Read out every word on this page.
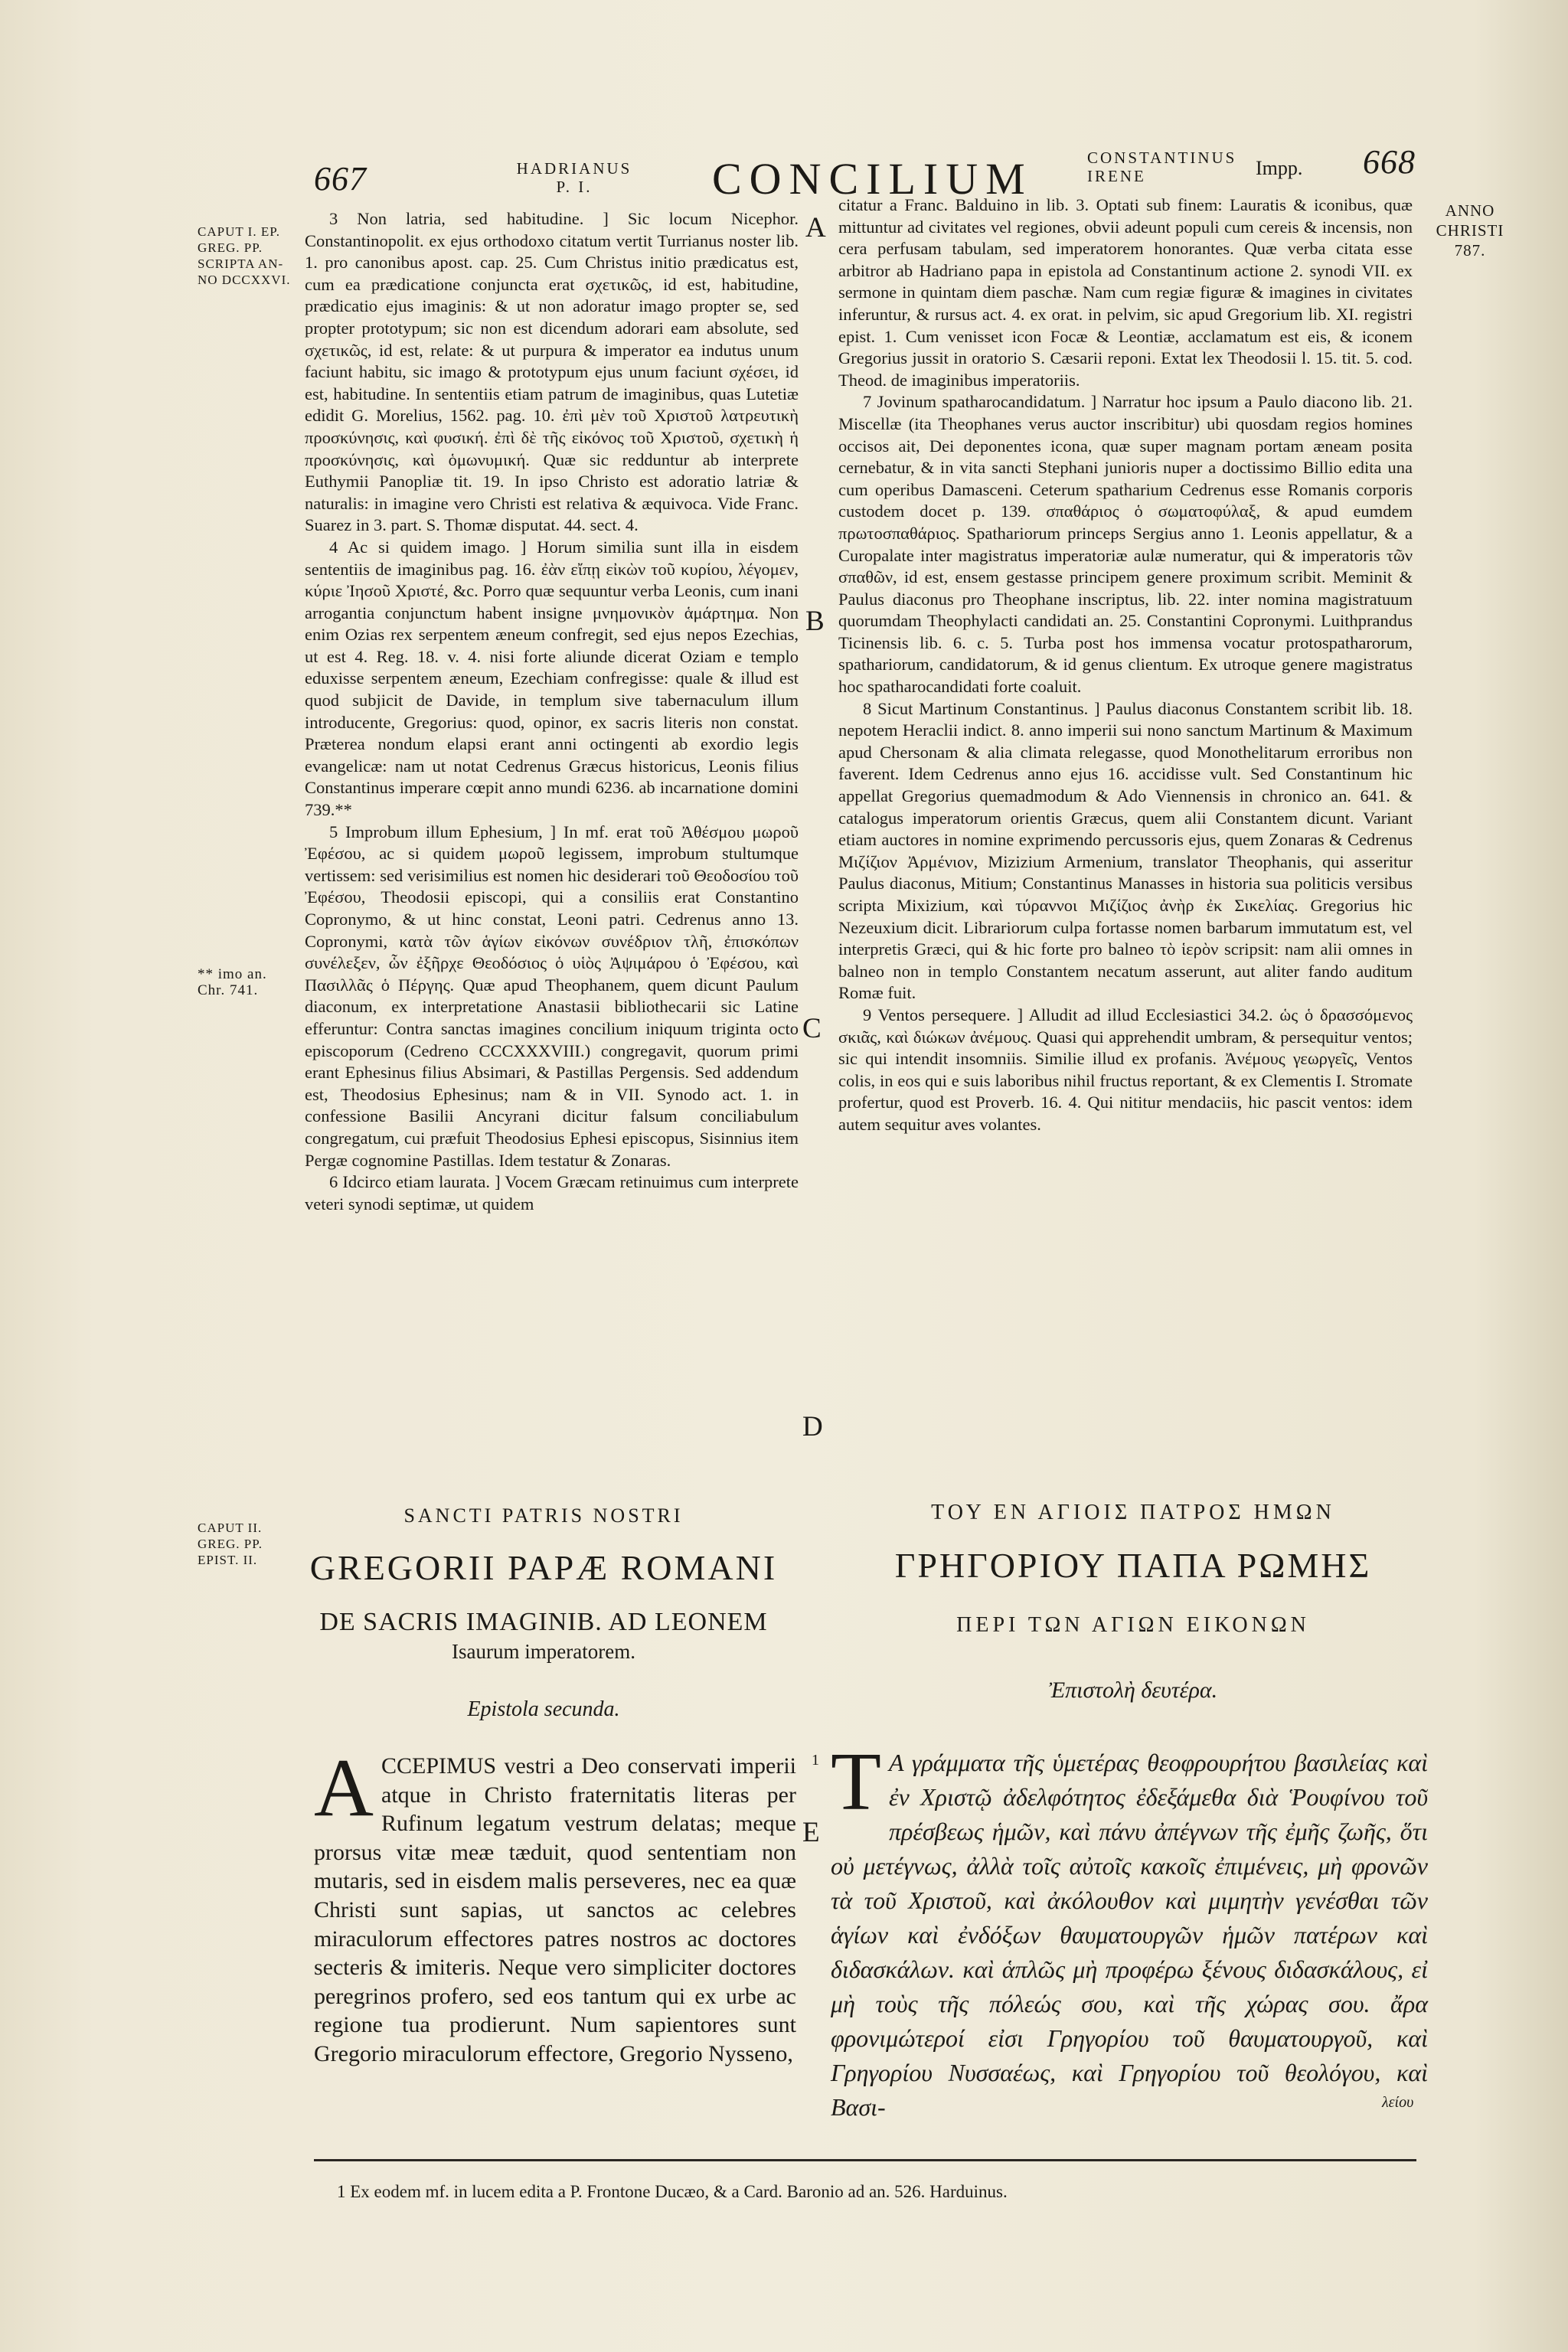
667	HADRIANUS
P. I.	CONCILIUM	CONSTANTINUS
IRENE	Impp. 668
CAPUT I. EP.
GREG. PP.
SCRIPTA AN-
NO DCCXXVI.
** imo an.
Chr. 741.
ANNO
CHRISTI
787.
CAPUT II.
GREG. PP.
EPIST. II.
A
B
C
D
E

3 Non latria, sed habitudine. ] Sic locum Nicephor. Constantinopolit. ex ejus orthodoxo citatum vertit Turrianus noster lib. 1. pro canonibus apost. cap. 25. Cum Christus initio prædicatus est, cum ea prædicatione conjuncta erat σχετικῶς, id est, habitudine, prædicatio ejus imaginis: & ut non adoratur imago propter se, sed propter prototypum; sic non est dicendum adorari eam absolute, sed σχετικῶς, id est, relate: & ut purpura & imperator ea indutus unum faciunt habitu, sic imago & prototypum ejus unum faciunt σχέσει, id est, habitudine. In sententiis etiam patrum de imaginibus, quas Lutetiæ edidit G. Morelius, 1562. pag. 10. ἐπὶ μὲν τοῦ Χριστοῦ λατρευτικὴ προσκύνησις, καὶ φυσική. ἐπὶ δὲ τῆς εἰκόνος τοῦ Χριστοῦ, σχετικὴ ἡ προσκύνησις, καὶ ὁμωνυμική. Quæ sic redduntur ab interprete Euthymii Panopliæ tit. 19. In ipso Christo est adoratio latriæ & naturalis: in imagine vero Christi est relativa & æquivoca. Vide Franc. Suarez in 3. part. S. Thomæ disputat. 44. sect. 4.

4 Ac si quidem imago. ] Horum similia sunt illa in eisdem sententiis de imaginibus pag. 16. ἐὰν εἴπῃ εἰκὼν τοῦ κυρίου, λέγομεν, κύριε Ἰησοῦ Χριστέ, &c. Porro quæ sequuntur verba Leonis, cum inani arrogantia conjunctum habent insigne μνημονικὸν ἁμάρτημα. Non enim Ozias rex serpentem æneum confregit, sed ejus nepos Ezechias, ut est 4. Reg. 18. v. 4. nisi forte aliunde dicerat Oziam e templo eduxisse serpentem æneum, Ezechiam confregisse: quale & illud est quod subjicit de Davide, in templum sive tabernaculum illum introducente, Gregorius: quod, opinor, ex sacris literis non constat. Præterea nondum elapsi erant anni octingenti ab exordio legis evangelicæ: nam ut notat Cedrenus Græcus historicus, Leonis filius Constantinus imperare cœpit anno mundi 6236. ab incarnatione domini 739.**

5 Improbum illum Ephesium, ] In mf. erat τοῦ Ἀθέσμου μωροῦ Ἐφέσου, ac si quidem μωροῦ legissem, improbum stultumque vertissem: sed verisimilius est nomen hic desiderari τοῦ Θεοδοσίου τοῦ Ἐφέσου, Theodosii episcopi, qui a consiliis erat Constantino Copronymo, & ut hinc constat, Leoni patri. Cedrenus anno 13. Copronymi, κατὰ τῶν ἁγίων εἰκόνων συνέδριον τλῆ, ἐπισκόπων συνέλεξεν, ὧν ἐξῆρχε Θεοδόσιος ὁ υἱὸς Ἀψιμάρου ὁ Ἐφέσου, καὶ Πασιλλᾶς ὁ Πέργης. Quæ apud Theophanem, quem dicunt Paulum diaconum, ex interpretatione Anastasii bibliothecarii sic Latine efferuntur: Contra sanctas imagines concilium iniquum triginta octo episcoporum (Cedreno CCCXXXVIII.) congregavit, quorum primi erant Ephesinus filius Absimari, & Pastillas Pergensis. Sed addendum est, Theodosius Ephesinus; nam & in VII. Synodo act. 1. in confessione Basilii Ancyrani dicitur falsum conciliabulum congregatum, cui præfuit Theodosius Ephesi episcopus, Sisinnius item Pergæ cognomine Pastillas. Idem testatur & Zonaras.

6 Idcirco etiam laurata. ] Vocem Græcam retinuimus cum interprete veteri synodi septimæ, ut quidem

citatur a Franc. Balduino in lib. 3. Optati sub finem: Lauratis & iconibus, quæ mittuntur ad civitates vel regiones, obvii adeunt populi cum cereis & incensis, non cera perfusam tabulam, sed imperatorem honorantes. Quæ verba citata esse arbitror ab Hadriano papa in epistola ad Constantinum actione 2. synodi VII. ex sermone in quintam diem paschæ. Nam cum regiæ figuræ & imagines in civitates inferuntur, & rursus act. 4. ex orat. in pelvim, sic apud Gregorium lib. XI. registri epist. 1. Cum venisset icon Focæ & Leontiæ, acclamatum est eis, & iconem Gregorius jussit in oratorio S. Cæsarii reponi. Extat lex Theodosii l. 15. tit. 5. cod. Theod. de imaginibus imperatoriis.

7 Jovinum spatharocandidatum. ] Narratur hoc ipsum a Paulo diacono lib. 21. Miscellæ (ita Theophanes verus auctor inscribitur) ubi quosdam regios homines occisos ait, Dei deponentes icona, quæ super magnam portam æneam posita cernebatur, & in vita sancti Stephani junioris nuper a doctissimo Billio edita una cum operibus Damasceni. Ceterum spatharium Cedrenus esse Romanis corporis custodem docet p. 139. σπαθάριος ὁ σωματοφύλαξ, & apud eumdem πρωτοσπαθάριος. Spathariorum princeps Sergius anno 1. Leonis appellatur, & a Curopalate inter magistratus imperatoriæ aulæ numeratur, qui & imperatoris τῶν σπαθῶν, id est, ensem gestasse principem genere proximum scribit. Meminit & Paulus diaconus pro Theophane inscriptus, lib. 22. inter nomina magistratuum quorumdam Theophylacti candidati an. 25. Constantini Copronymi. Luithprandus Ticinensis lib. 6. c. 5. Turba post hos immensa vocatur protospatharorum, spathariorum, candidatorum, & id genus clientum. Ex utroque genere magistratus hoc spatharocandidati forte coaluit.

8 Sicut Martinum Constantinus. ] Paulus diaconus Constantem scribit lib. 18. nepotem Heraclii indict. 8. anno imperii sui nono sanctum Martinum & Maximum apud Chersonam & alia climata relegasse, quod Monothelitarum erroribus non faverent. Idem Cedrenus anno ejus 16. accidisse vult. Sed Constantinum hic appellat Gregorius quemadmodum & Ado Viennensis in chronico an. 641. & catalogus imperatorum orientis Græcus, quem alii Constantem dicunt. Variant etiam auctores in nomine exprimendo percussoris ejus, quem Zonaras & Cedrenus Μιζίζιον Ἀρμένιον, Mizizium Armenium, translator Theophanis, qui asseritur Paulus diaconus, Mitium; Constantinus Manasses in historia sua politicis versibus scripta Mixizium, καὶ τύραννοι Μιζίζιος ἀνὴρ ἐκ Σικελίας. Gregorius hic Nezeuxium dicit. Librariorum culpa fortasse nomen barbarum immutatum est, vel interpretis Græci, qui & hic forte pro balneo τὸ ἱερὸν scripsit: nam alii omnes in balneo non in templo Constantem necatum asserunt, aut aliter fando auditum Romæ fuit.

9 Ventos persequere. ] Alludit ad illud Ecclesiastici 34.2. ὡς ὁ δρασσόμενος σκιᾶς, καὶ διώκων ἀνέμους. Quasi qui apprehendit umbram, & persequitur ventos; sic qui intendit insomniis. Similie illud ex profanis. Ἀνέμους γεωργεῖς, Ventos colis, in eos qui e suis laboribus nihil fructus reportant, & ex Clementis I. Stromate profertur, quod est Proverb. 16. 4. Qui nititur mendaciis, hic pascit ventos: idem autem sequitur aves volantes.

SANCTI PATRIS NOSTRI
GREGORII PAPÆ ROMANI
DE SACRIS IMAGINIB. AD LEONEM
Isaurum imperatorem.
Epistola secunda.
ΤΟΥ ΕΝ ΑΓΙΟΙΣ ΠΑΤΡΟΣ ΗΜΩΝ
ΓΡΗΓΟΡΙΟΥ ΠΑΠΑ ΡΩΜΗΣ
ΠΕΡΙ ΤΩΝ ΑΓΙΩΝ ΕΙΚΟΝΩΝ
Ἐπιστολὴ δευτέρα.
ACCEPIMUS vestri a Deo conservati imperii atque in Christo fraternitatis literas per Rufinum legatum vestrum delatas; meque prorsus vitæ meæ tæduit, quod sententiam non mutaris, sed in eisdem malis perseveres, nec ea quæ Christi sunt sapias, ut sanctos ac celebres miraculorum effectores patres nostros ac doctores secteris & imiteris. Neque vero simpliciter doctores peregrinos profero, sed eos tantum qui ex urbe ac regione tua prodierunt. Num sapientores sunt Gregorio miraculorum effectore, Gregorio Nysseno,
1 T Α γράμματα τῆς ὑμετέρας θεοφρουρήτου βασιλείας καὶ ἐν Χριστῷ ἀδελφότητος ἐδεξάμεθα διὰ Ῥουφίνου τοῦ πρέσβεως ἡμῶν, καὶ πάνυ ἀπέγνων τῆς ἐμῆς ζωῆς, ὅτι οὐ μετέγνως, ἀλλὰ τοῖς αὐτοῖς κακοῖς ἐπιμένεις, μὴ φρονῶν τὰ τοῦ Χριστοῦ, καὶ ἀκόλουθον καὶ μιμητὴν γενέσθαι τῶν ἁγίων καὶ ἐνδόξων θαυματουργῶν ἡμῶν πατέρων καὶ διδασκάλων. καὶ ἁπλῶς μὴ προφέρω ξένους διδασκάλους, εἰ μὴ τοὺς τῆς πόλεώς σου, καὶ τῆς χώρας σου. ἄρα φρονιμώτεροί εἰσι Γρηγορίου τοῦ θαυματουργοῦ, καὶ Γρηγορίου Νυσσαέως, καὶ Γρηγορίου τοῦ θεολόγου, καὶ Βασι-	λείου
1 Ex eodem mf. in lucem edita a P. Frontone Ducæo, & a Card. Baronio ad an. 526. Harduinus.
